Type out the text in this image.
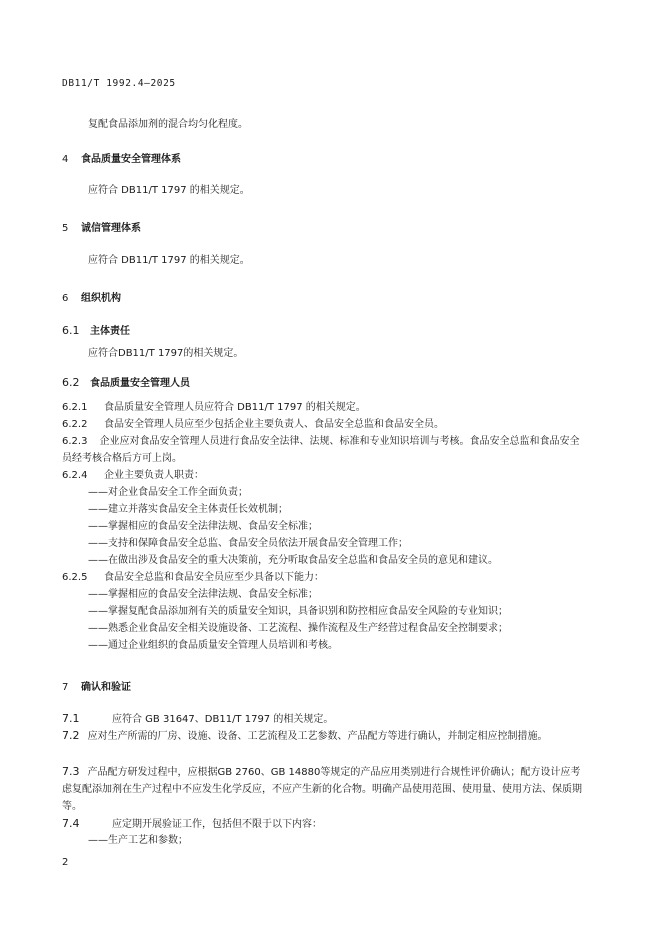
DB11/T 1992.4—2025
复配食品添加剂的混合均匀化程度。
4 食品质量安全管理体系
应符合 DB11/T 1797 的相关规定。
5 诚信管理体系
应符合 DB11/T 1797 的相关规定。
6 组织机构
6.1 主体责任
应符合DB11/T 1797的相关规定。
6.2 食品质量安全管理人员
6.2.1 食品质量安全管理人员应符合 DB11/T 1797 的相关规定。
6.2.2 食品安全管理人员应至少包括企业主要负责人、食品安全总监和食品安全员。
6.2.3 企业应对食品安全管理人员进行食品安全法律、法规、标准和专业知识培训与考核。食品安全总监和食品安全员经考核合格后方可上岗。
6.2.4 企业主要负责人职责：
——对企业食品安全工作全面负责；
——建立并落实食品安全主体责任长效机制；
——掌握相应的食品安全法律法规、食品安全标准；
——支持和保障食品安全总监、食品安全员依法开展食品安全管理工作；
——在做出涉及食品安全的重大决策前，充分听取食品安全总监和食品安全员的意见和建议。
6.2.5 食品安全总监和食品安全员应至少具备以下能力：
——掌握相应的食品安全法律法规、食品安全标准；
——掌握复配食品添加剂有关的质量安全知识，具备识别和防控相应食品安全风险的专业知识；
——熟悉企业食品安全相关设施设备、工艺流程、操作流程及生产经营过程食品安全控制要求；
——通过企业组织的食品质量安全管理人员培训和考核。
7 确认和验证
7.1	应符合 GB 31647、DB11/T 1797 的相关规定。
7.2 应对生产所需的厂房、设施、设备、工艺流程及工艺参数、产品配方等进行确认，并制定相应控制措施。
7.3 产品配方研发过程中，应根据GB 2760、GB 14880等规定的产品应用类别进行合规性评价确认；配方设计应考虑复配添加剂在生产过程中不应发生化学反应，不应产生新的化合物。明确产品使用范围、使用量、使用方法、保质期等。
7.4	应定期开展验证工作，包括但不限于以下内容：
——生产工艺和参数；
2
